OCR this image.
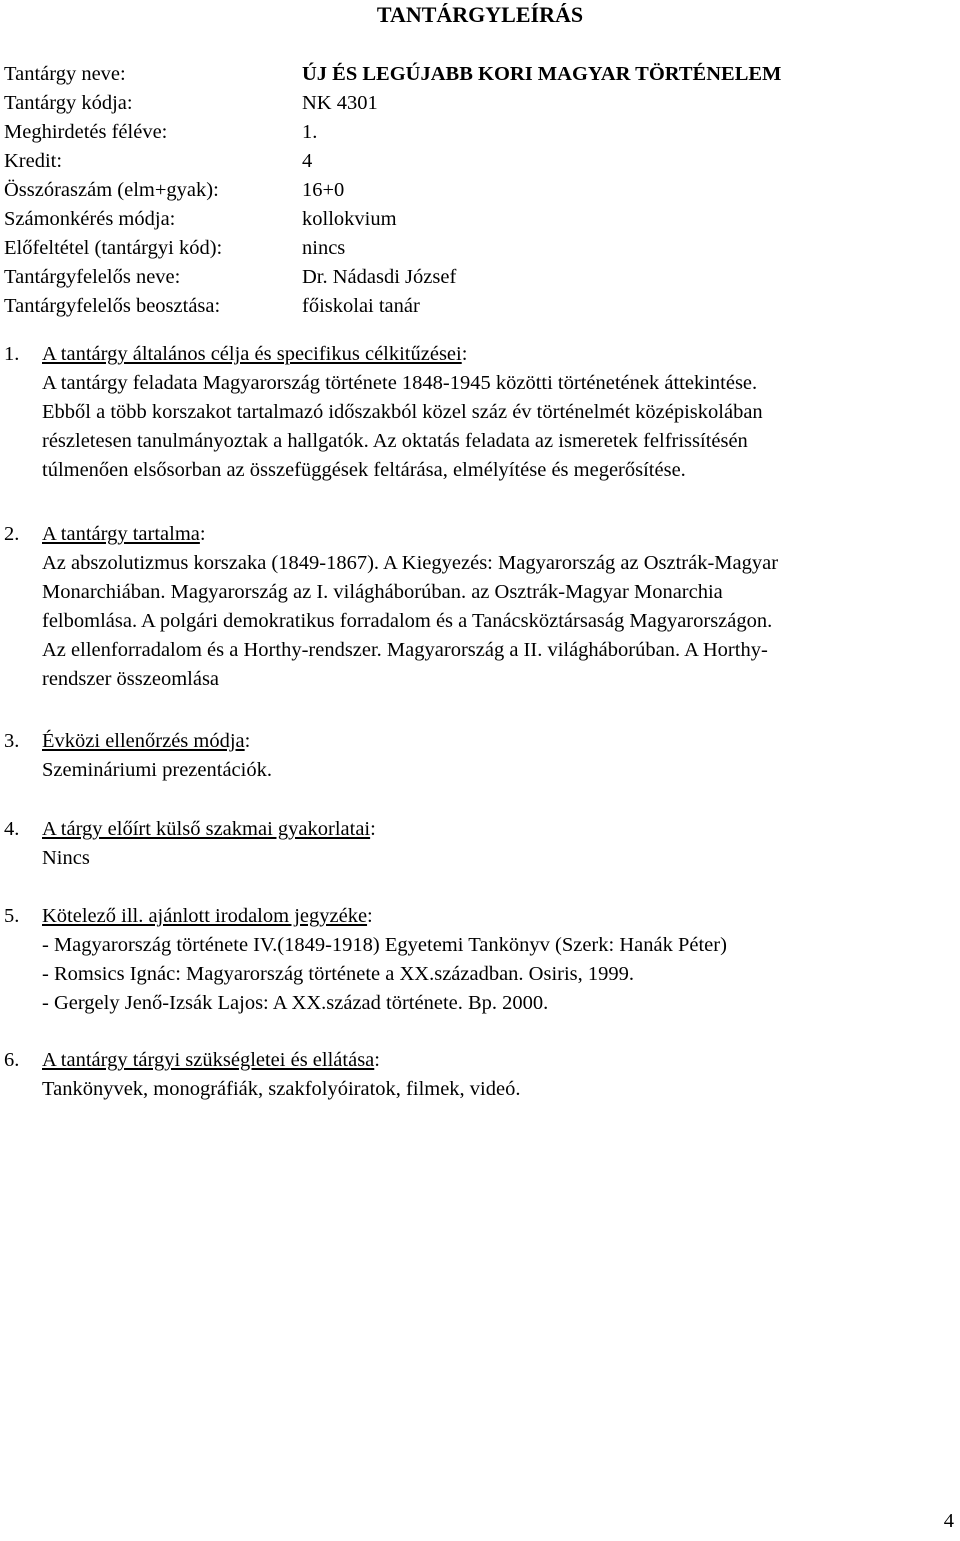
TANTÁRGYLEÍRÁS
Tantárgy neve:	ÚJ ÉS LEGÚJABB KORI MAGYAR TÖRTÉNELEM
Tantárgy kódja:	NK 4301
Meghirdetés féléve:	1.
Kredit:	4
Összóraszám (elm+gyak):	16+0
Számonkérés módja:	kollokvium
Előfeltétel (tantárgyi kód):	nincs
Tantárgyfelelős neve:	Dr. Nádasdi József
Tantárgyfelelős beosztása:	főiskolai tanár
1. A tantárgy általános célja és specifikus célkitűzései:
A tantárgy feladata Magyarország története 1848-1945 közötti történetének áttekintése.
Ebből a több korszakot tartalmazó időszakból közel száz év történelmét középiskolában
részletesen tanulmányoztak a hallgatók. Az oktatás feladata az ismeretek felfrissítésén
túlmenően elsősorban az összefüggések feltárása, elmélyítése és megerősítése.
2. A tantárgy tartalma:
Az abszolutizmus korszaka (1849-1867). A Kiegyezés: Magyarország az Osztrák-Magyar
Monarchiában. Magyarország az I. világháborúban. az Osztrák-Magyar Monarchia
felbomlása. A polgári demokratikus forradalom és a Tanácsköztársaság Magyarországon.
Az ellenforradalom és a Horthy-rendszer. Magyarország a II. világháborúban. A Horthy-
rendszer összeomlása
3. Évközi ellenőrzés módja:
Szemináriumi prezentációk.
4. A tárgy előírt külső szakmai gyakorlatai:
Nincs
5. Kötelező ill. ajánlott irodalom jegyzéke:
- Magyarország története IV.(1849-1918) Egyetemi Tankönyv (Szerk: Hanák Péter)
- Romsics Ignác: Magyarország története a XX.században. Osiris, 1999.
- Gergely Jenő-Izsák Lajos: A XX.század története. Bp. 2000.
6. A tantárgy tárgyi szükségletei és ellátása:
Tankönyvek, monográfiák, szakfolyóiratok, filmek, videó.
4
